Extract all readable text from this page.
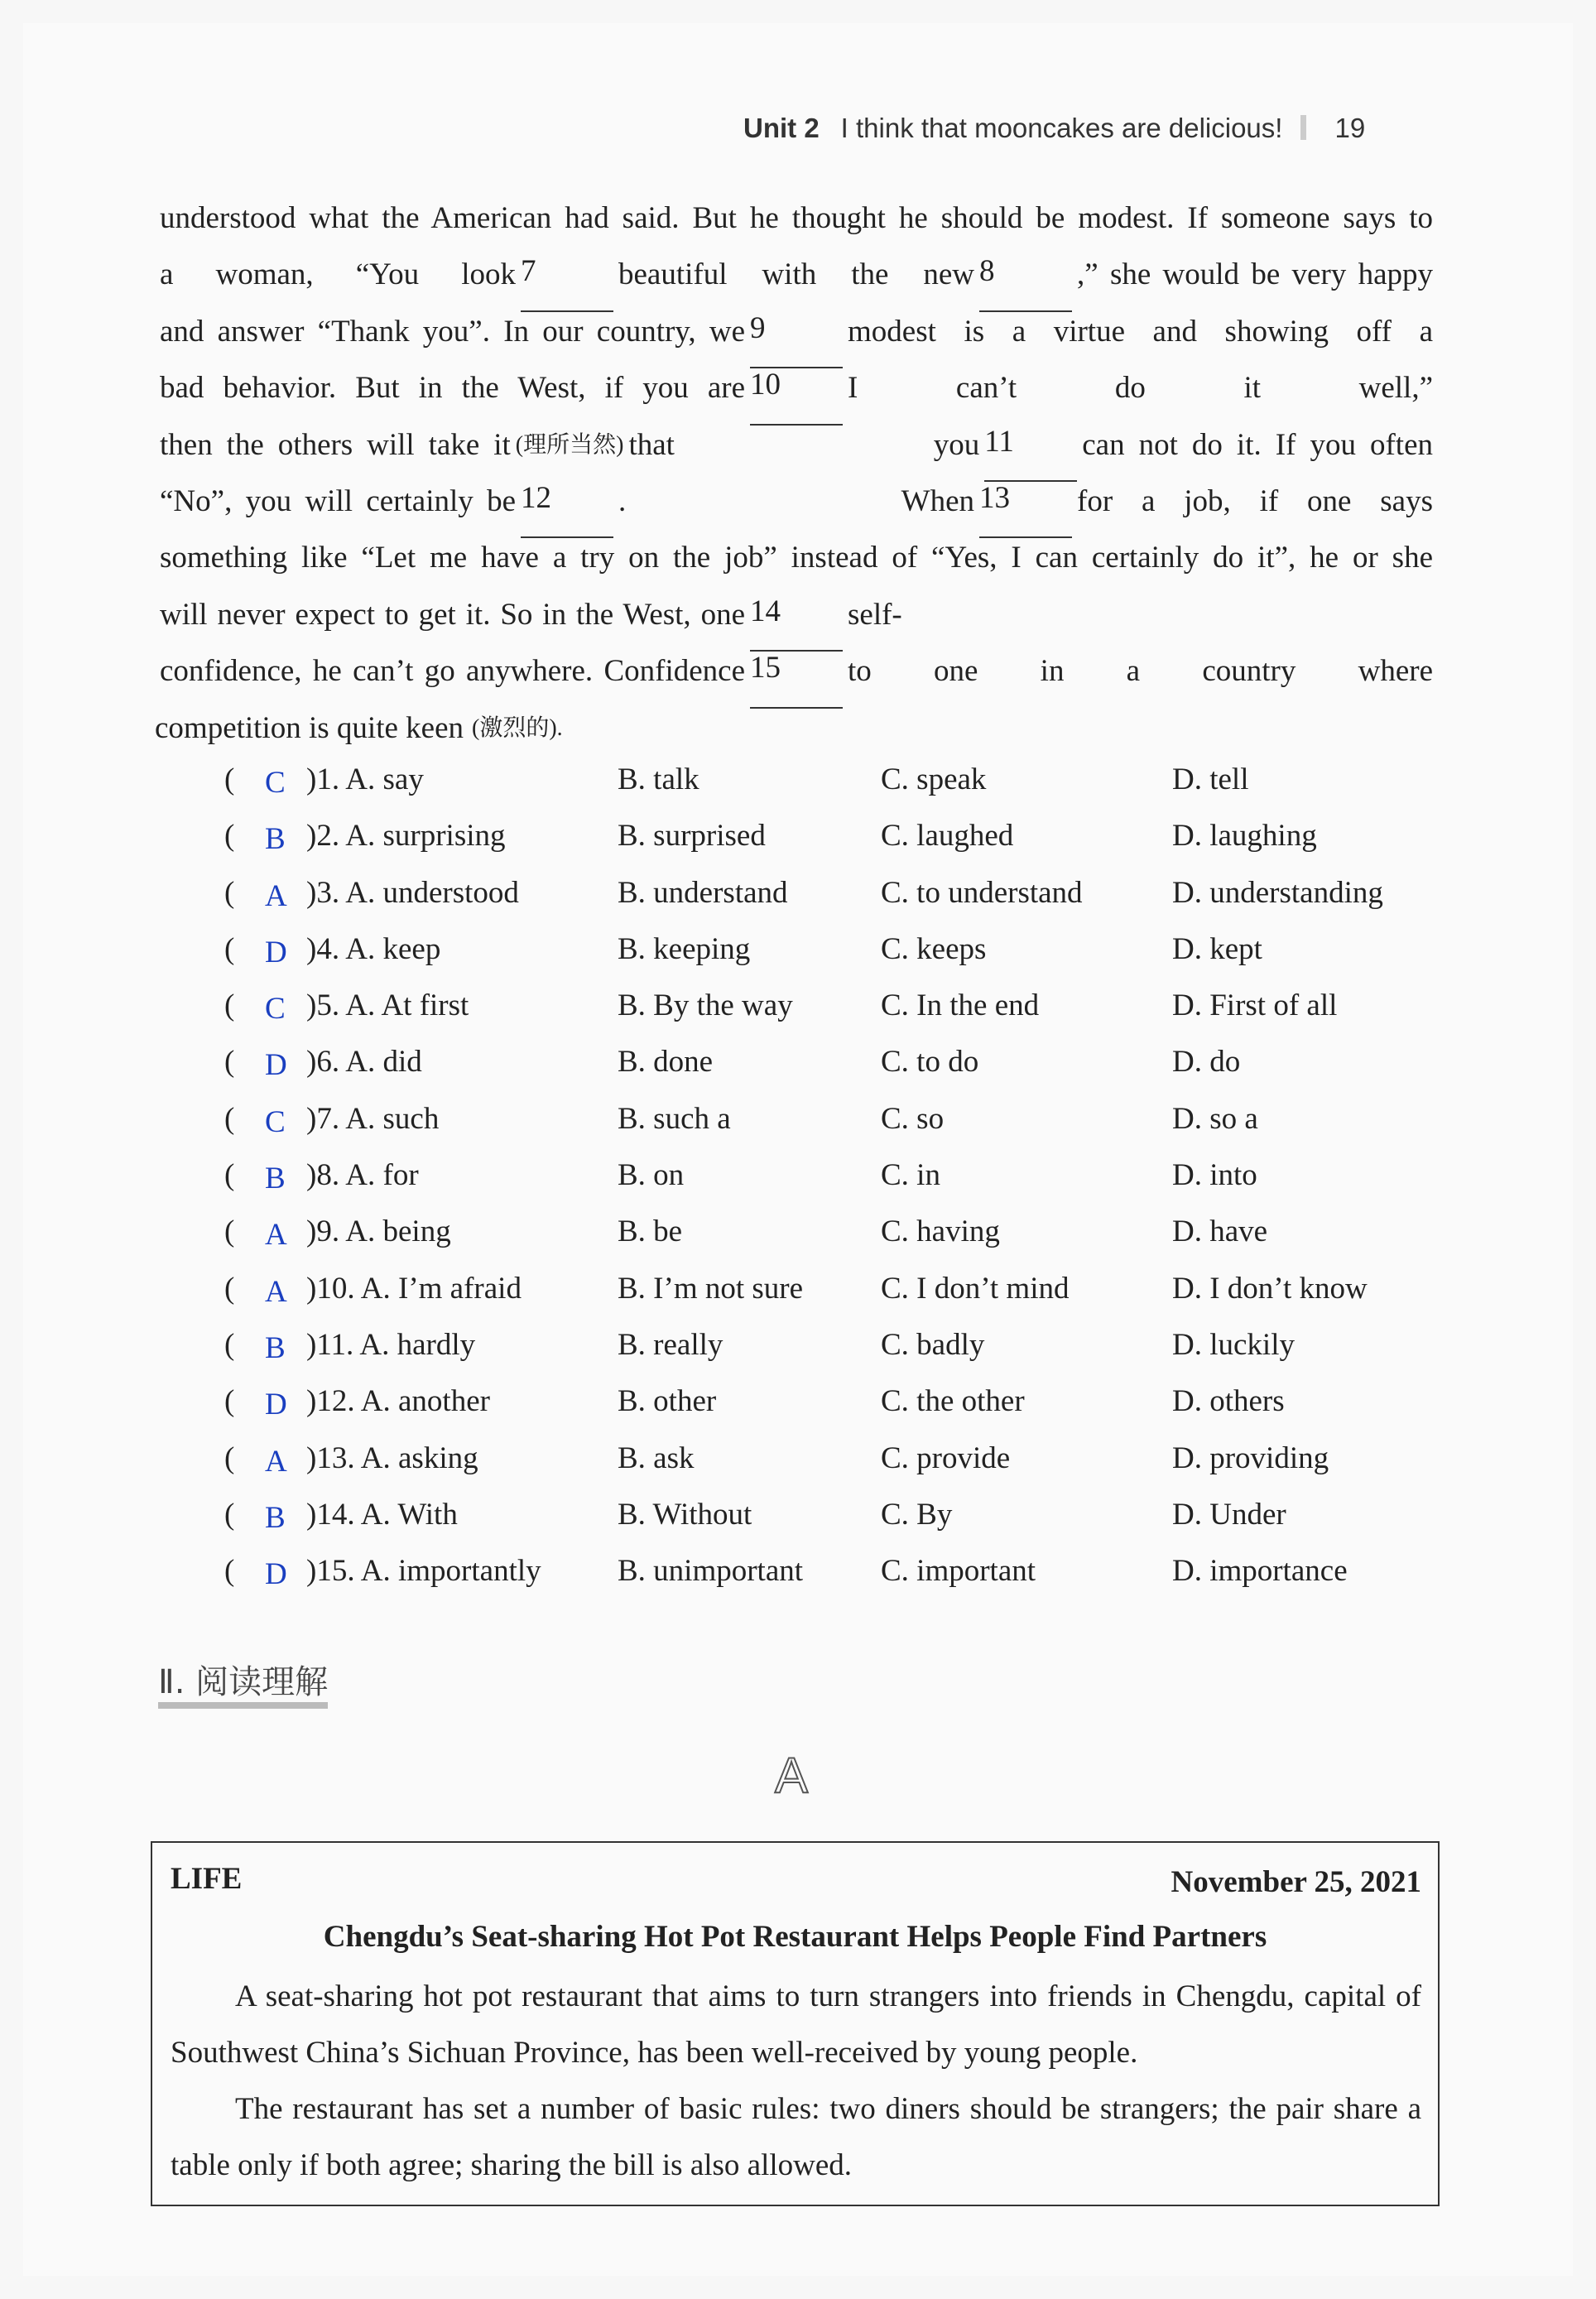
Unit 2 I think that mooncakes are delicious! 19
understood what the American had said. But he thought he should be modest. If someone says to
a woman, “You look 7	beautiful with the new 8	,” she would be very happy
and answer “Thank you”. In our country, we 9	modest is a virtue and showing off a
bad behavior. But in the West, if you are 10	I can’t do it well,”
then the others will take it (理所当然) that you 11	can not do it. If you often
“No”, you will certainly be 12	. When 13	for a job, if one says
something like “Let me have a try on the job” instead of “Yes, I can certainly do it”, he or she
will never expect to get it. So in the West, one 14	self-
confidence, he can’t go anywhere. Confidence 15	to one in a country where
competition is quite keen (激烈的).
( C )1. A. say	B. talk	C. speak	D. tell
( B )2. A. surprising	B. surprised	C. laughed	D. laughing
( A )3. A. understood	B. understand	C. to understand	D. understanding
( D )4. A. keep	B. keeping	C. keeps	D. kept
( C )5. A. At first	B. By the way	C. In the end	D. First of all
( D )6. A. did	B. done	C. to do	D. do
( C )7. A. such	B. such a	C. so	D. so a
( B )8. A. for	B. on	C. in	D. into
( A )9. A. being	B. be	C. having	D. have
( A )10. A. I’m afraid	B. I’m not sure	C. I don’t mind	D. I don’t know
( B )11. A. hardly	B. really	C. badly	D. luckily
( D )12. A. another	B. other	C. the other	D. others
( A )13. A. asking	B. ask	C. provide	D. providing
( B )14. A. With	B. Without	C. By	D. Under
( D )15. A. importantly B. unimportant	C. important	D. importance
Ⅱ. 阅读理解
A
LIFE	November 25, 2021
Chengdu’s Seat-sharing Hot Pot Restaurant Helps People Find Partners
A seat-sharing hot pot restaurant that aims to turn strangers into friends in Chengdu, capital of Southwest China’s Sichuan Province, has been well-received by young people.
The restaurant has set a number of basic rules: two diners should be strangers; the pair share a table only if both agree; sharing the bill is also allowed.
